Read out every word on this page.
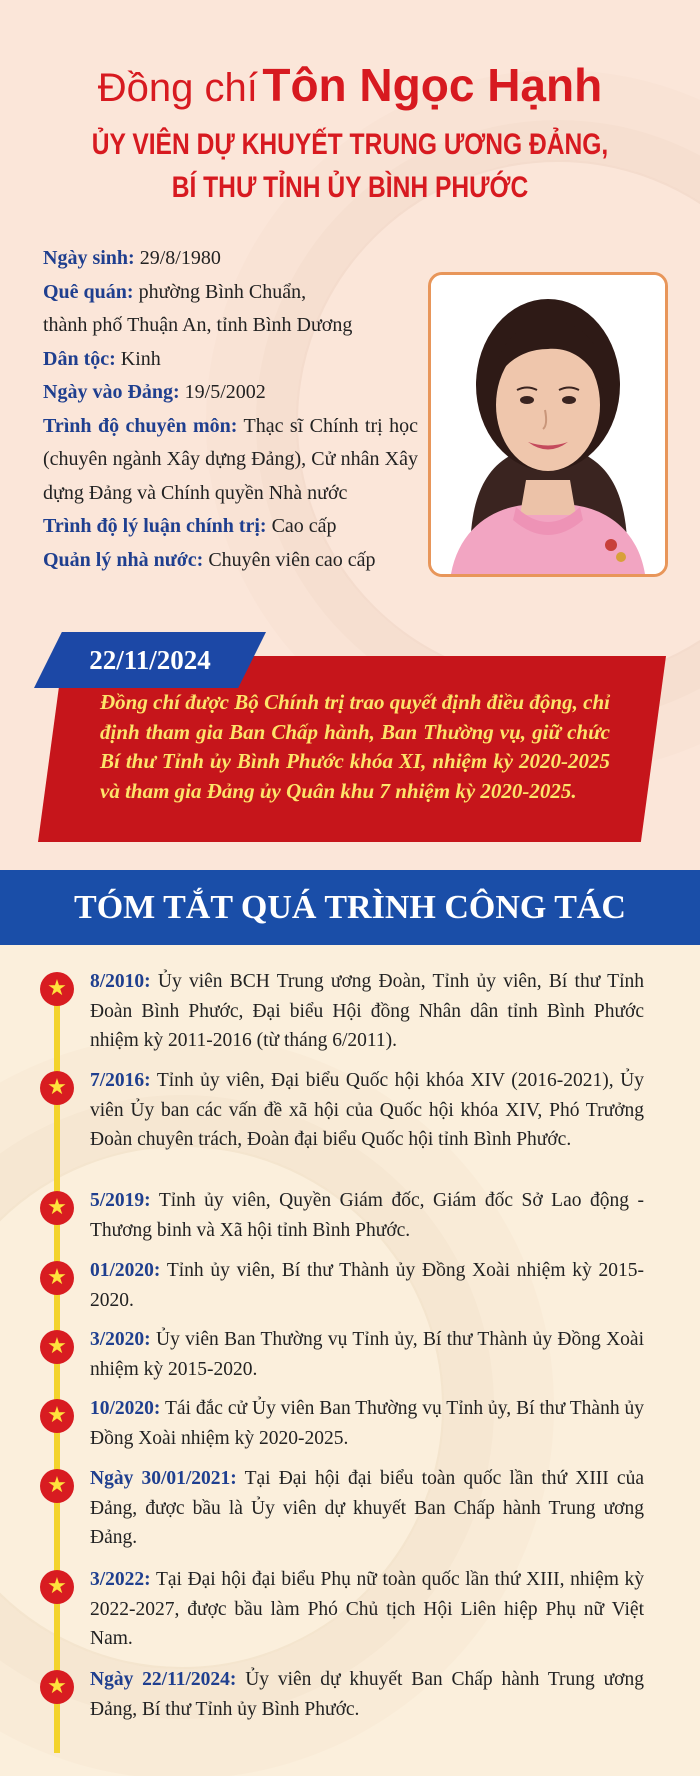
Đồng chí Tôn Ngọc Hạnh
ỦY VIÊN DỰ KHUYẾT TRUNG ƯƠNG ĐẢNG,
BÍ THƯ TỈNH ỦY BÌNH PHƯỚC

Ngày sinh: 29/8/1980

Quê quán: phường Bình Chuẩn,

thành phố Thuận An, tỉnh Bình Dương

Dân tộc: Kinh

Ngày vào Đảng: 19/5/2002

Trình độ chuyên môn: Thạc sĩ Chính trị học (chuyên ngành Xây dựng Đảng), Cử nhân Xây dựng Đảng và Chính quyền Nhà nước

Trình độ lý luận chính trị: Cao cấp

Quản lý nhà nước: Chuyên viên cao cấp

22/11/2024
Đồng chí được Bộ Chính trị trao quyết định điều động, chỉ định tham gia Ban Chấp hành, Ban Thường vụ, giữ chức Bí thư Tỉnh ủy Bình Phước khóa XI, nhiệm kỳ 2020-2025 và tham gia Đảng ủy Quân khu 7 nhiệm kỳ 2020-2025.
TÓM TẮT QUÁ TRÌNH CÔNG TÁC
★
8/2010: Ủy viên BCH Trung ương Đoàn, Tỉnh ủy viên, Bí thư Tỉnh Đoàn Bình Phước, Đại biểu Hội đồng Nhân dân tỉnh Bình Phước nhiệm kỳ 2011-2016 (từ tháng 6/2011).
★
7/2016: Tỉnh ủy viên, Đại biểu Quốc hội khóa XIV (2016-2021), Ủy viên Ủy ban các vấn đề xã hội của Quốc hội khóa XIV, Phó Trưởng Đoàn chuyên trách, Đoàn đại biểu Quốc hội tỉnh Bình Phước.
★
5/2019: Tỉnh ủy viên, Quyền Giám đốc, Giám đốc Sở Lao động - Thương binh và Xã hội tỉnh Bình Phước.
★
01/2020: Tỉnh ủy viên, Bí thư Thành ủy Đồng Xoài nhiệm kỳ 2015-2020.
★
3/2020: Ủy viên Ban Thường vụ Tỉnh ủy, Bí thư Thành ủy Đồng Xoài nhiệm kỳ 2015-2020.
★
10/2020: Tái đắc cử Ủy viên Ban Thường vụ Tỉnh ủy, Bí thư Thành ủy Đồng Xoài nhiệm kỳ 2020-2025.
★
Ngày 30/01/2021: Tại Đại hội đại biểu toàn quốc lần thứ XIII của Đảng, được bầu là Ủy viên dự khuyết Ban Chấp hành Trung ương Đảng.
★
3/2022: Tại Đại hội đại biểu Phụ nữ toàn quốc lần thứ XIII, nhiệm kỳ 2022-2027, được bầu làm Phó Chủ tịch Hội Liên hiệp Phụ nữ Việt Nam.
★
Ngày 22/11/2024: Ủy viên dự khuyết Ban Chấp hành Trung ương Đảng, Bí thư Tỉnh ủy Bình Phước.
